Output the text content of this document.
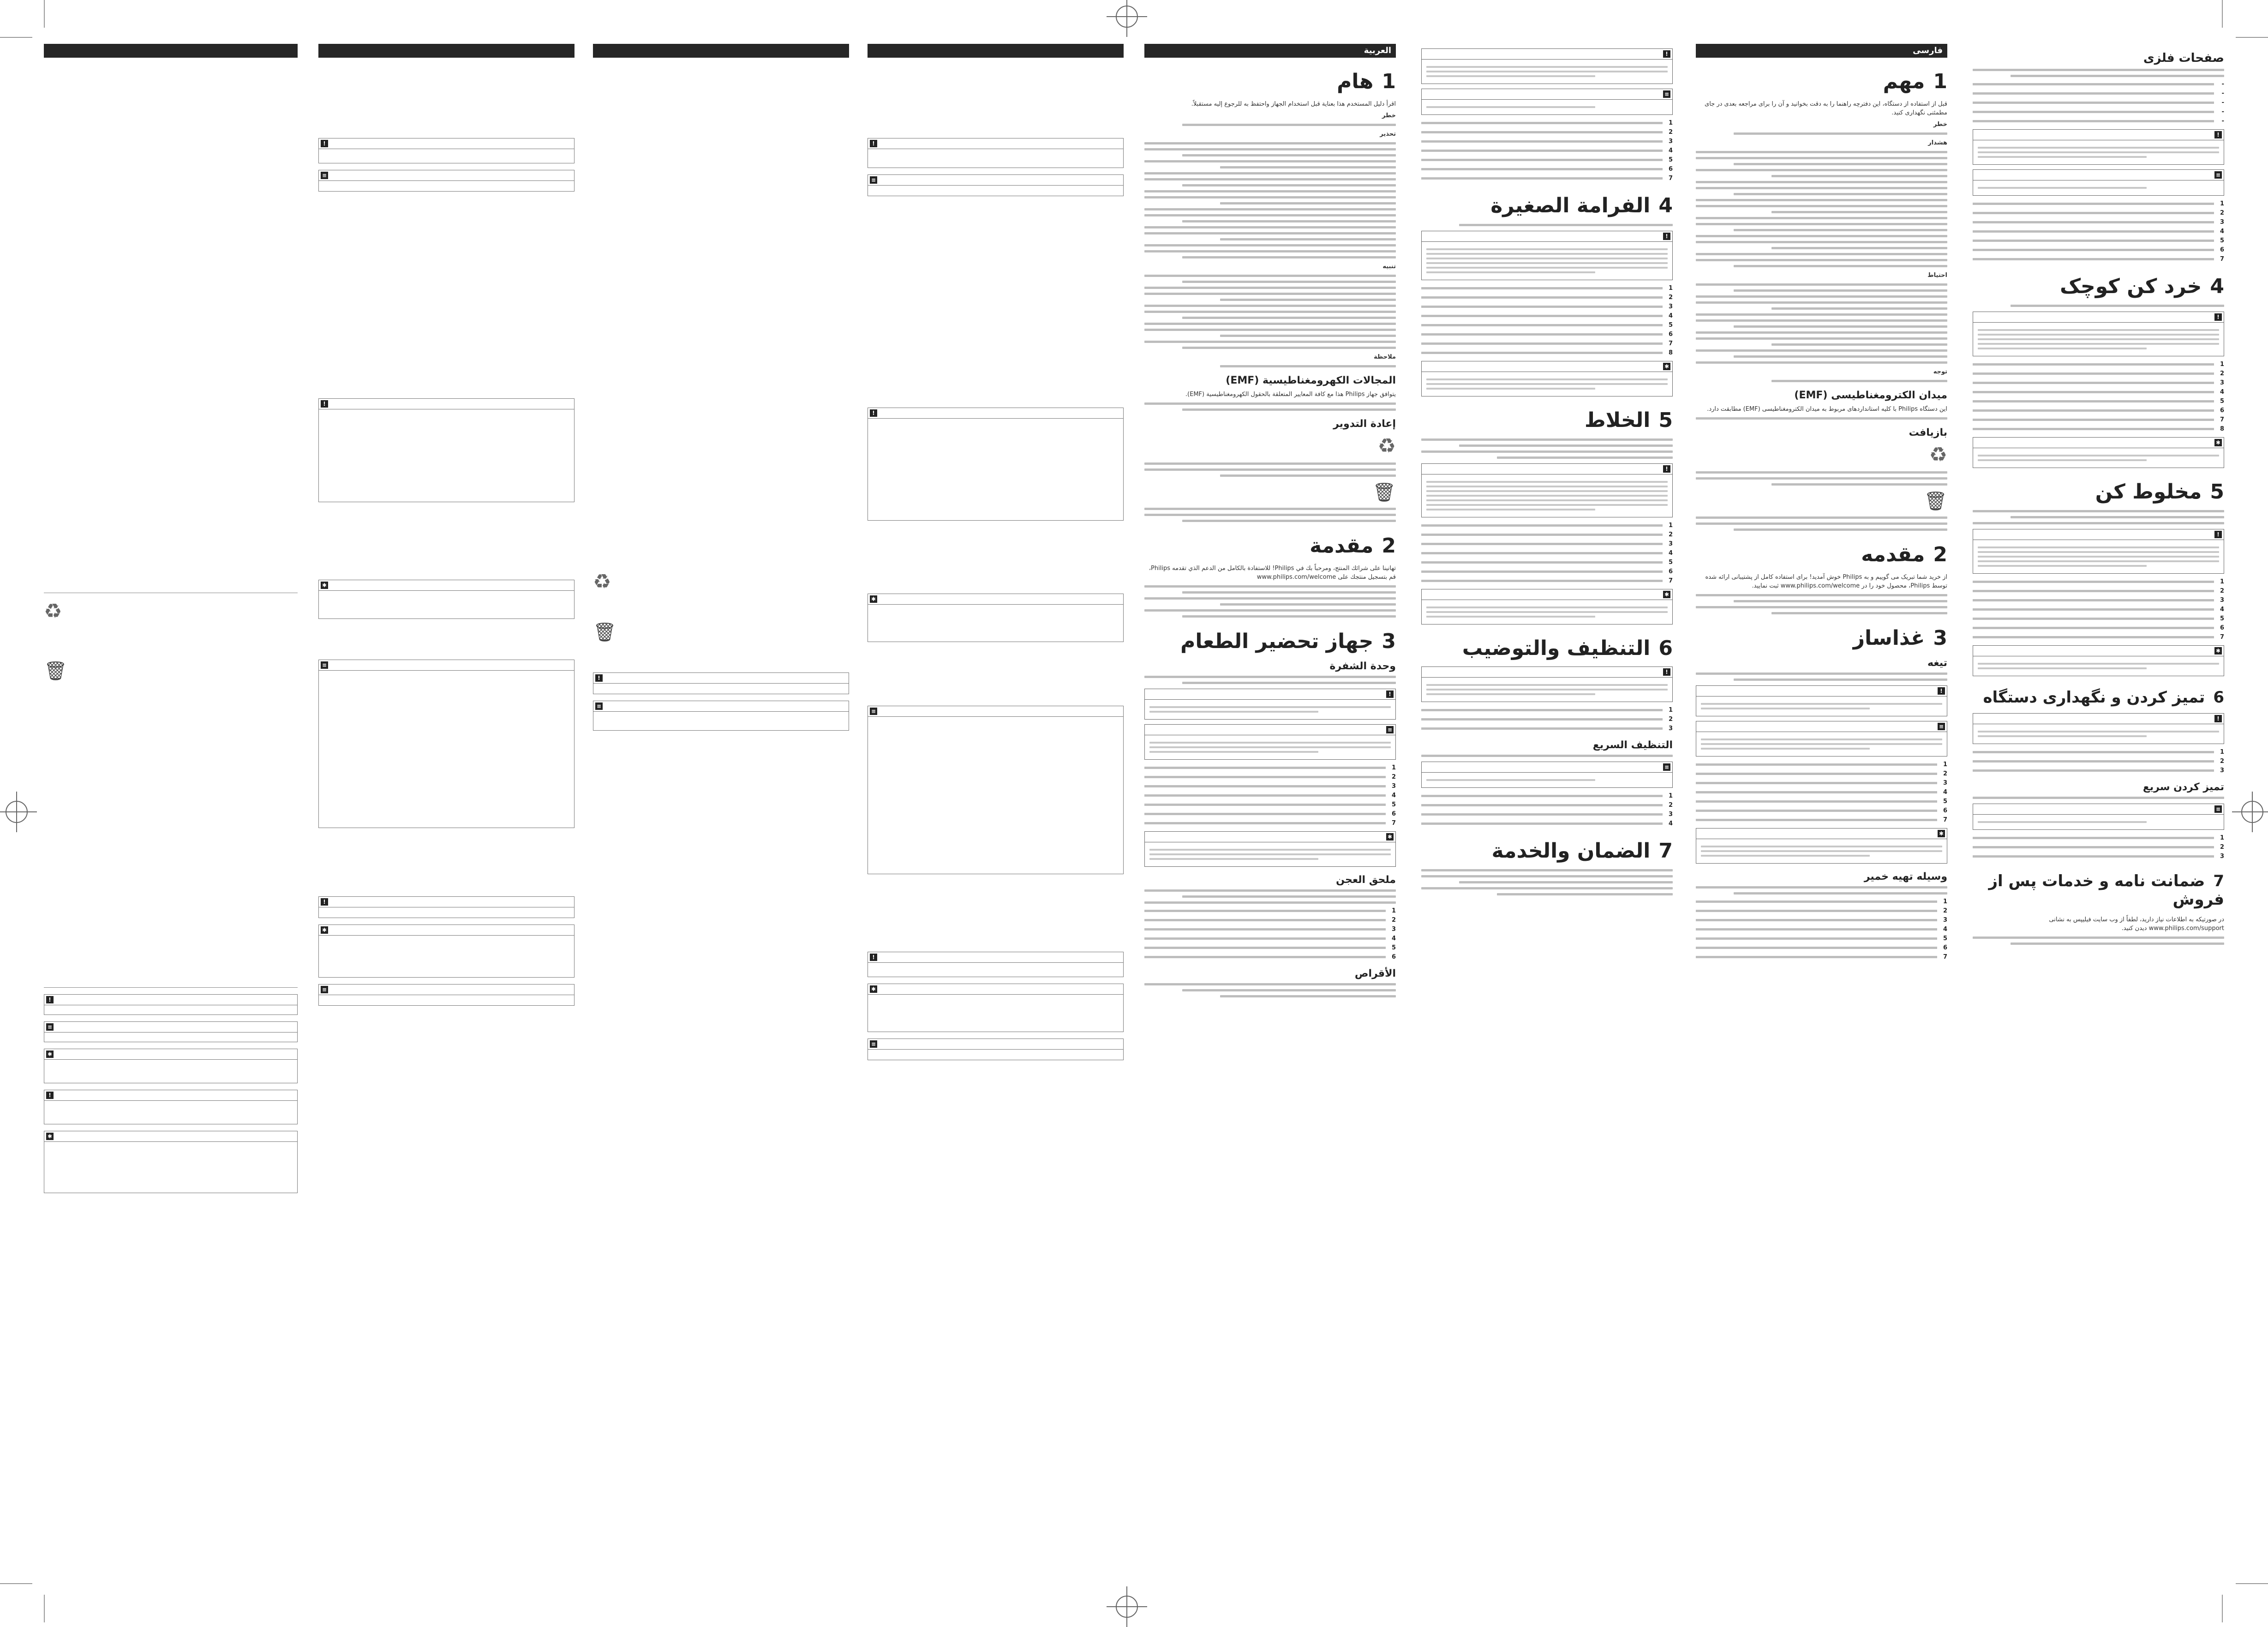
!
≡
✱
!
✱
♻
🗑
!
≡
!
✱
≡
!
✱
≡
♻
🗑
!
≡
!
≡
!
✱
≡
!
✱
≡
العربية
1هام
اقرأ دليل المستخدم هذا بعناية قبل استخدام الجهاز واحتفظ به للرجوع إليه مستقبلاً.
خطر
تحذير
تنبيه
ملاحظة
المجالات الكهرومغناطيسية (EMF)
يتوافق جهاز Philips هذا مع كافة المعايير المتعلقة بالحقول الكهرومغناطيسية (EMF).
إعادة التدوير
♻
🗑
2مقدمة
تهانينا على شرائك المنتج، ومرحباً بك في Philips! للاستفادة بالكامل من الدعم الذي تقدمه Philips، قم بتسجيل منتجك على www.philips.com/welcome
3جهاز تحضير الطعام
وحدة الشفرة
!
≡
1
2
3
4
5
6
7
✱
ملحق العجن
1
2
3
4
5
6
الأقراص
!
≡
1
2
3
4
5
6
7
4الفرامة الصغيرة
!
1
2
3
4
5
6
7
8
✱
5الخلاط
!
1
2
3
4
5
6
7
✱
6التنظيف والتوضيب
!
1
2
3
التنظيف السريع
≡
1
2
3
4
7الضمان والخدمة
فارسی
1مهم
قبل از استفاده از دستگاه، این دفترچه راهنما را به دقت بخوانید و آن را برای مراجعه بعدی در جای مطمئنی نگهداری کنید.
خطر
هشدار
احتیاط
توجه
میدان الکترومغناطیسی (EMF)
این دستگاه Philips با کلیه استانداردهای مربوط به میدان الکترومغناطیسی (EMF) مطابقت دارد.
بازیافت
♻
🗑
2مقدمه
از خرید شما تبریک می گوییم و به Philips خوش آمدید! برای استفاده کامل از پشتیبانی ارائه شده توسط Philips، محصول خود را در www.philips.com/welcome ثبت نمایید.
3غذاساز
تیغه
!
≡
1
2
3
4
5
6
7
✱
وسیله تهیه خمیر
1
2
3
4
5
6
7
صفحات فلزی
-
-
-
-
-
!
≡
1
2
3
4
5
6
7
4خرد کن کوچک
!
1
2
3
4
5
6
7
8
✱
5مخلوط کن
!
1
2
3
4
5
6
7
✱
6تمیز کردن و نگهداری دستگاه
!
1
2
3
تمیز کردن سریع
≡
1
2
3
7ضمانت نامه و خدمات پس از فروش
در صورتیکه به اطلاعات نیاز دارید، لطفاً از وب سایت فیلیپس به نشانی www.philips.com/support دیدن کنید.
